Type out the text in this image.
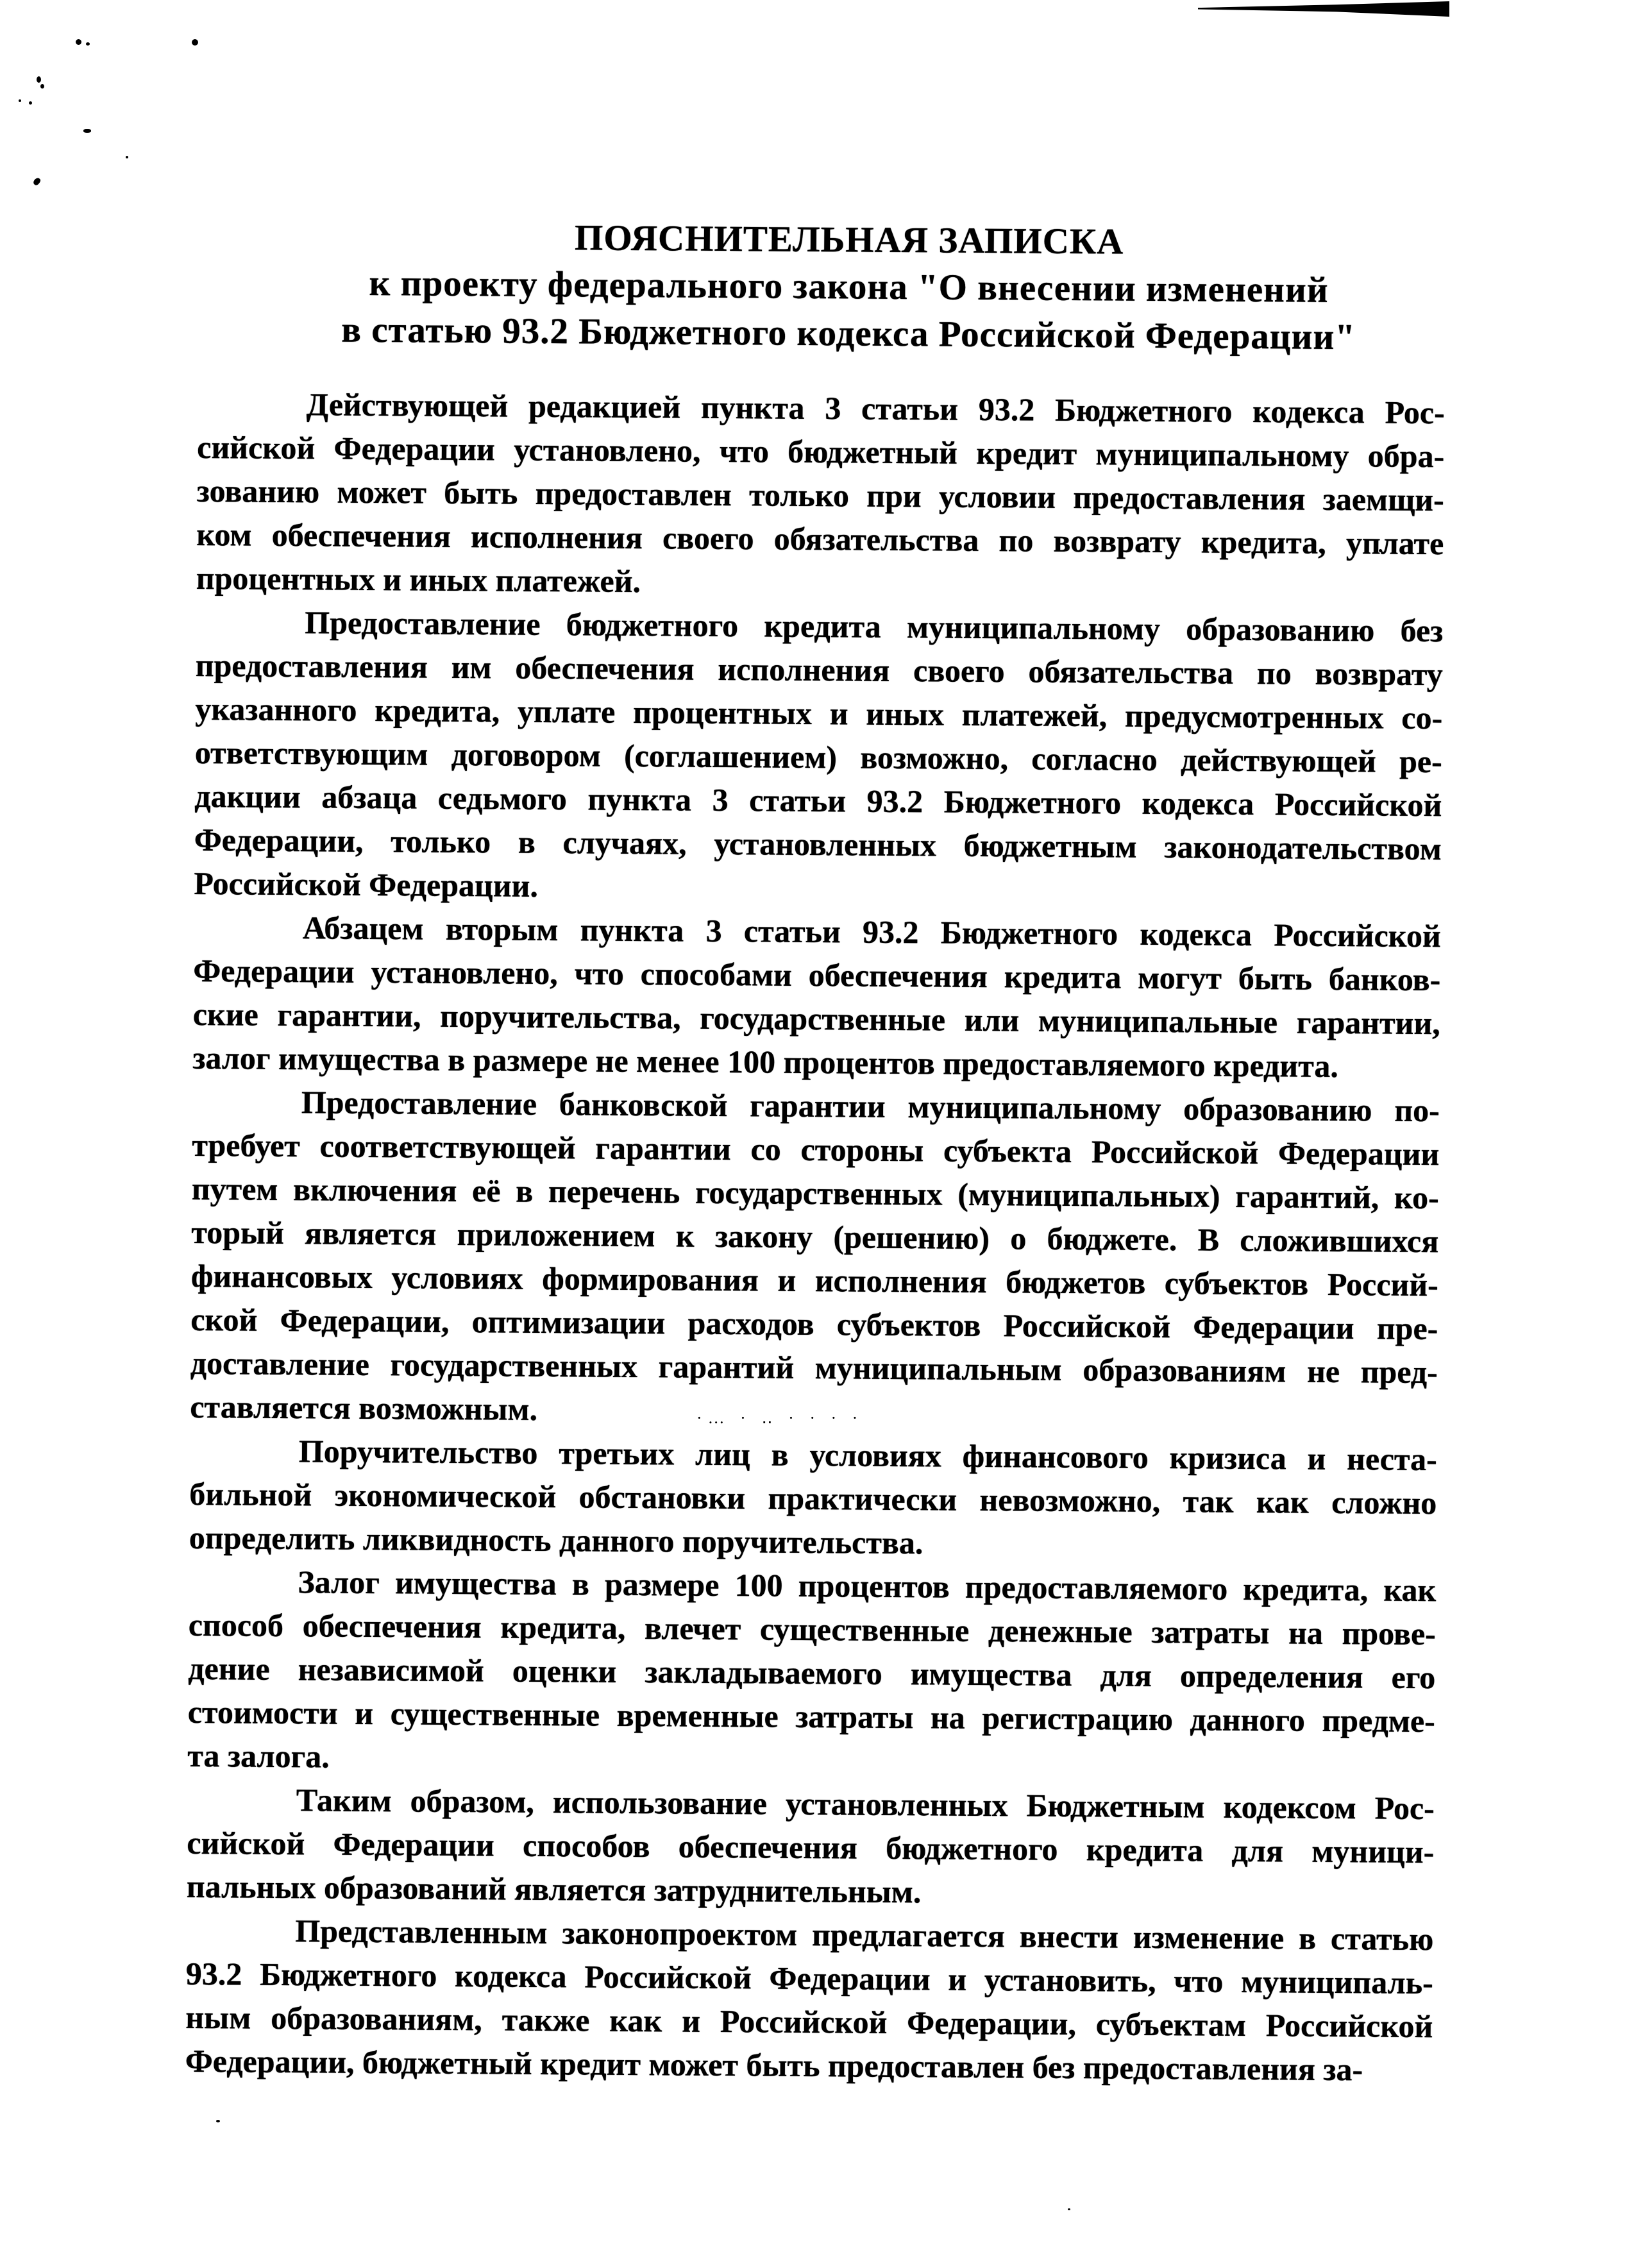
·… · ‥ · · · ·
ПОЯСНИТЕЛЬНАЯ ЗАПИСКА
к проекту федерального закона "О внесении изменений
в статью 93.2 Бюджетного кодекса Российской Федерации"
Действующей редакцией пункта 3 статьи 93.2 Бюджетного кодекса Рос-
сийской Федерации установлено, что бюджетный кредит муниципальному обра-
зованию может быть предоставлен только при условии предоставления заемщи-
ком обеспечения исполнения своего обязательства по возврату кредита, уплате
процентных и иных платежей.
Предоставление бюджетного кредита муниципальному образованию без
предоставления им обеспечения исполнения своего обязательства по возврату
указанного кредита, уплате процентных и иных платежей, предусмотренных со-
ответствующим договором (соглашением) возможно, согласно действующей ре-
дакции абзаца седьмого пункта 3 статьи 93.2 Бюджетного кодекса Российской
Федерации, только в случаях, установленных бюджетным законодательством
Российской Федерации.
Абзацем вторым пункта 3 статьи 93.2 Бюджетного кодекса Российской
Федерации установлено, что способами обеспечения кредита могут быть банков-
ские гарантии, поручительства, государственные или муниципальные гарантии,
залог имущества в размере не менее 100 процентов предоставляемого кредита.
Предоставление банковской гарантии муниципальному образованию по-
требует соответствующей гарантии со стороны субъекта Российской Федерации
путем включения её в перечень государственных (муниципальных) гарантий, ко-
торый является приложением к закону (решению) о бюджете. В сложившихся
финансовых условиях формирования и исполнения бюджетов субъектов Россий-
ской Федерации, оптимизации расходов субъектов Российской Федерации пре-
доставление государственных гарантий муниципальным образованиям не пред-
ставляется возможным.
Поручительство третьих лиц в условиях финансового кризиса и неста-
бильной экономической обстановки практически невозможно, так как сложно
определить ликвидность данного поручительства.
Залог имущества в размере 100 процентов предоставляемого кредита, как
способ обеспечения кредита, влечет существенные денежные затраты на прове-
дение независимой оценки закладываемого имущества для определения его
стоимости и существенные временные затраты на регистрацию данного предме-
та залога.
Таким образом, использование установленных Бюджетным кодексом Рос-
сийской Федерации способов обеспечения бюджетного кредита для муници-
пальных образований является затруднительным.
Представленным законопроектом предлагается внести изменение в статью
93.2 Бюджетного кодекса Российской Федерации и установить, что муниципаль-
ным образованиям, также как и Российской Федерации, субъектам Российской
Федерации, бюджетный кредит может быть предоставлен без предоставления за-
